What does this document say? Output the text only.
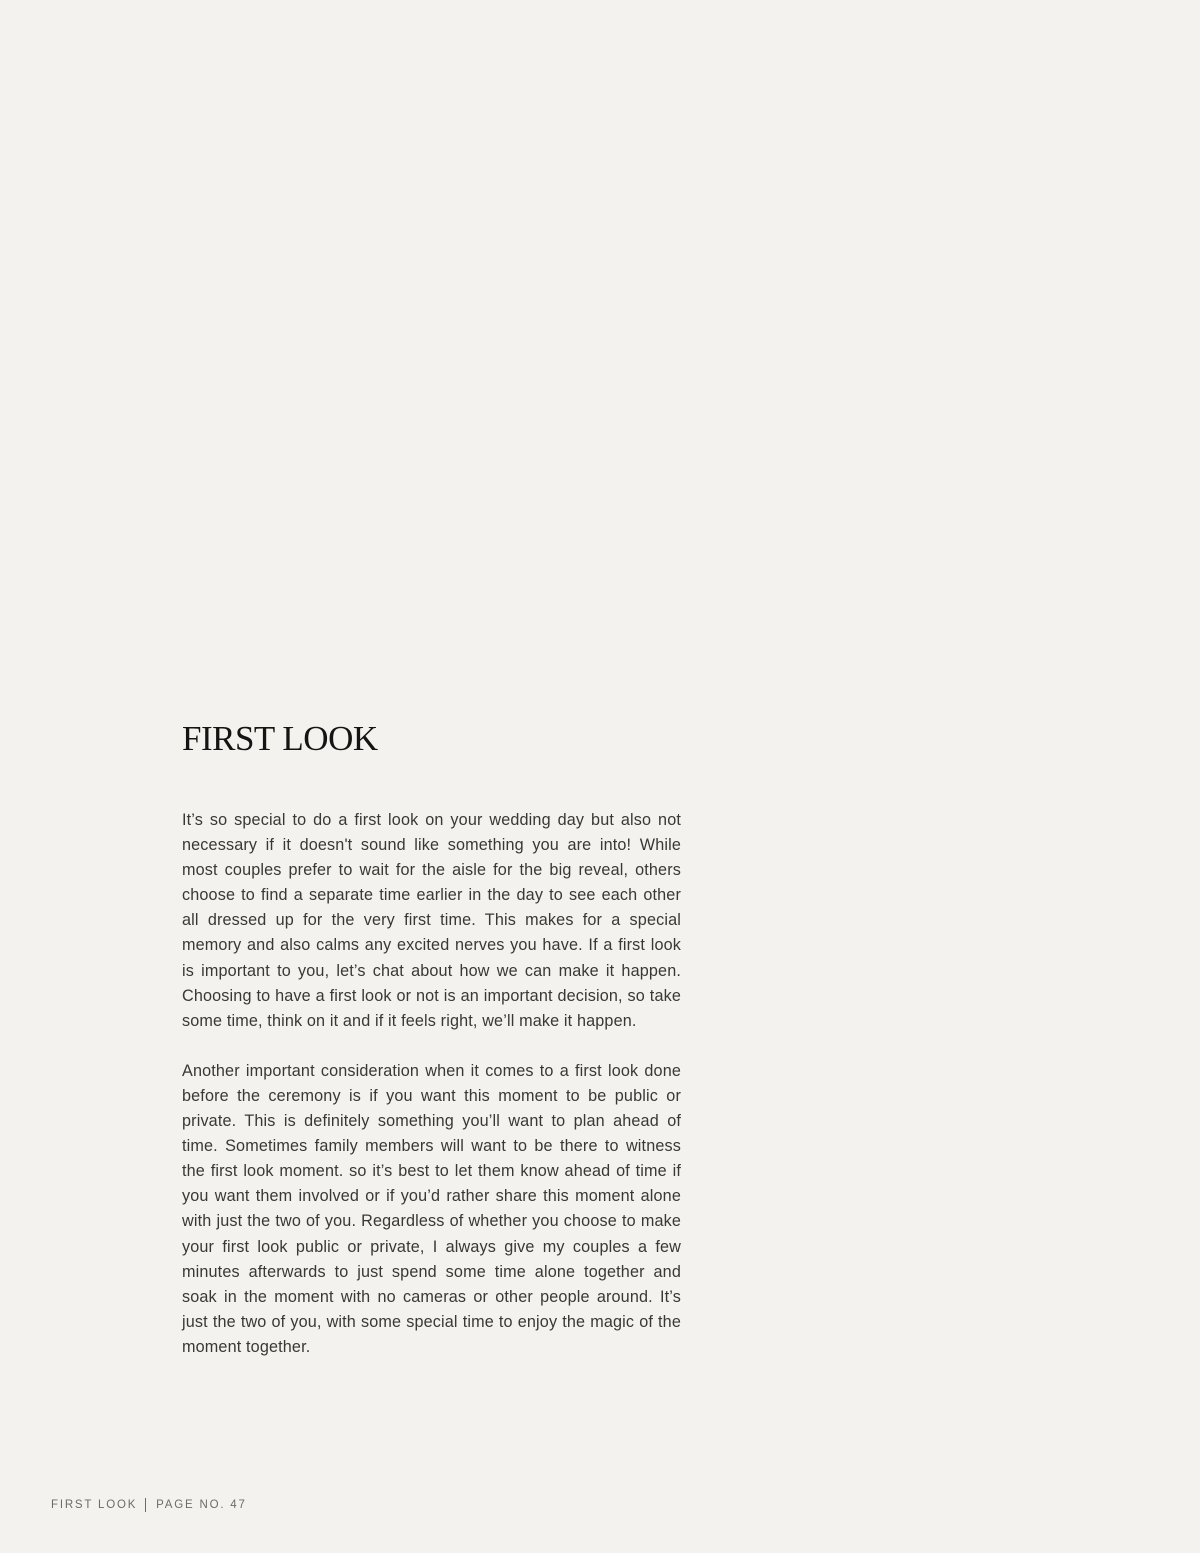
FIRST LOOK

It’s so special to do a first look on your wedding day but also not necessary if it doesn't sound like something you are into! While most couples prefer to wait for the aisle for the big reveal, others choose to find a separate time earlier in the day to see each other all dressed up for the very first time. This makes for a special memory and also calms any excited nerves you have. If a first look is important to you, let’s chat about how we can make it happen. Choosing to have a first look or not is an important decision, so take some time, think on it and if it feels right, we’ll make it happen.

Another important consideration when it comes to a first look done before the ceremony is if you want this moment to be public or private. This is definitely something you’ll want to plan ahead of time. Sometimes family members will want to be there to witness the first look moment. so it’s best to let them know ahead of time if you want them involved or if you’d rather share this moment alone with just the two of you. Regardless of whether you choose to make your first look public or private, I always give my couples a few minutes afterwards to just spend some time alone together and soak in the moment with no cameras or other people around. It’s just the two of you, with some special time to enjoy the magic of the moment together.

FIRST LOOK PAGE NO. 47
